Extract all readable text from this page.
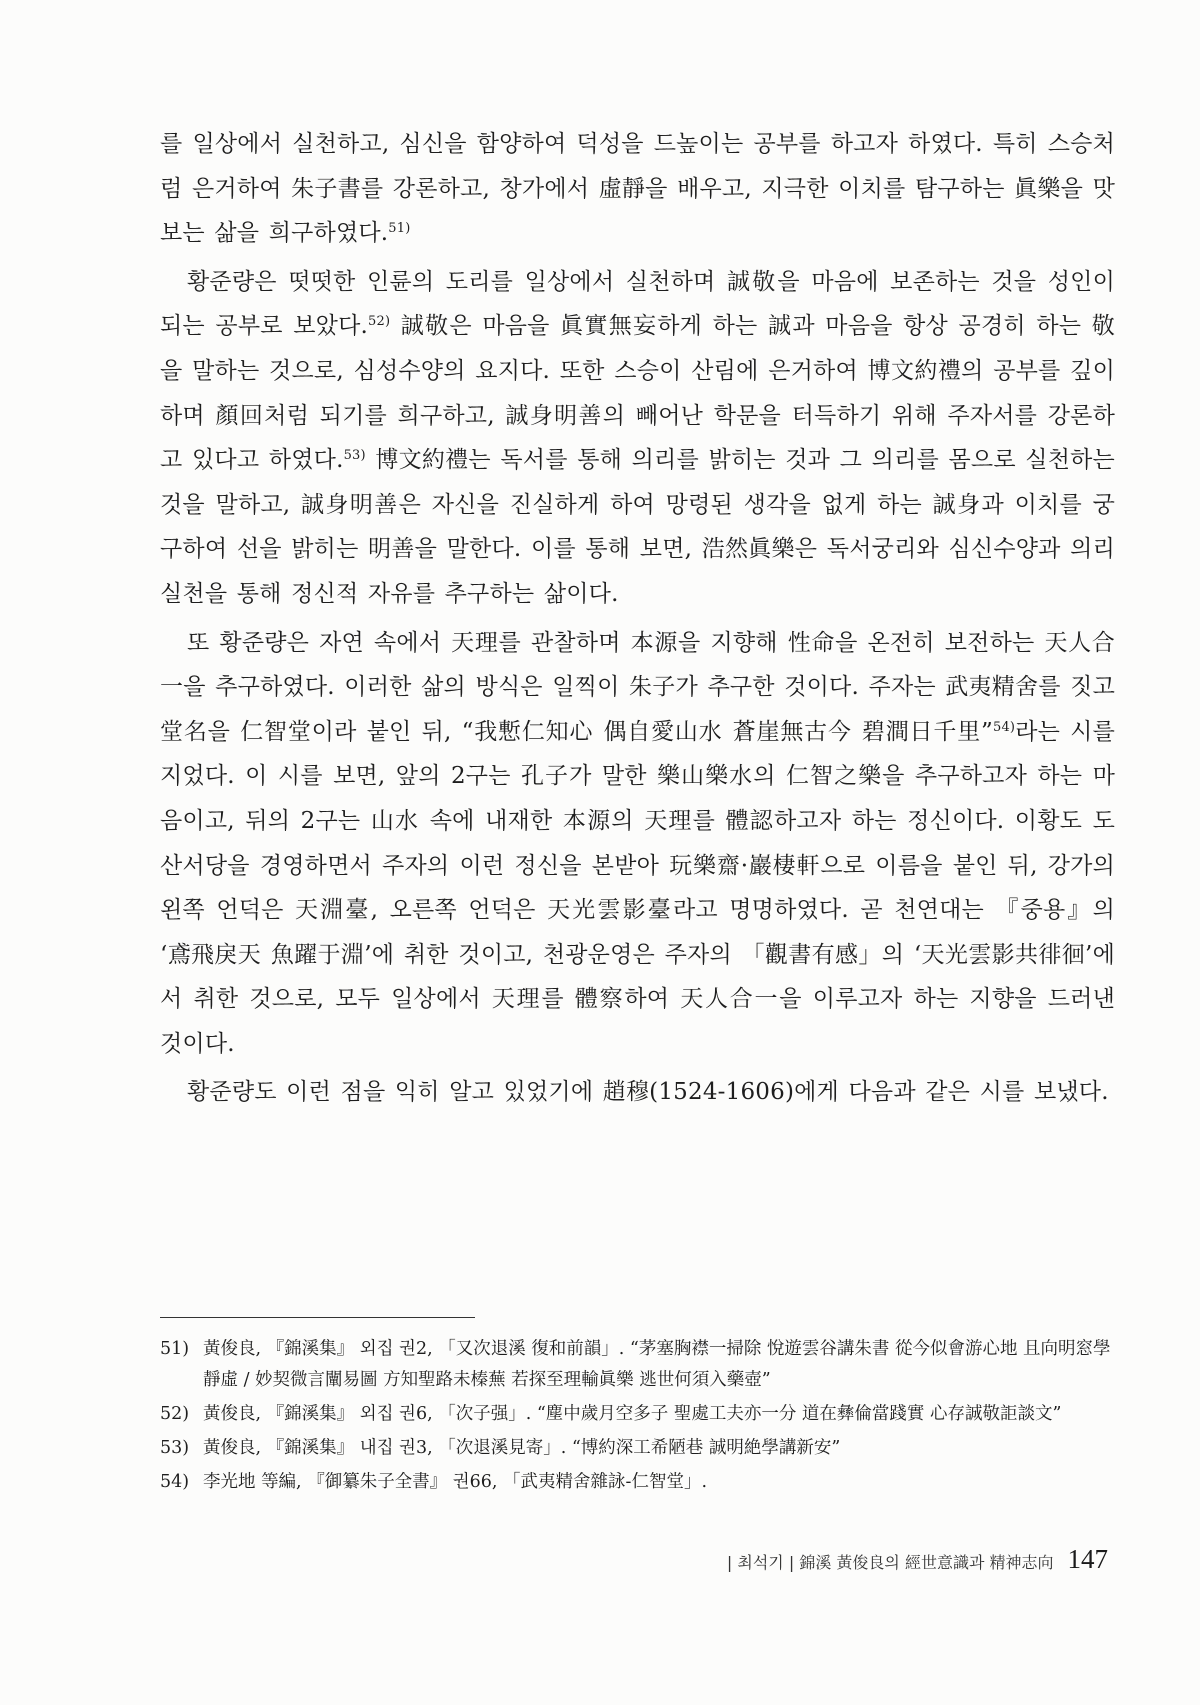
를 일상에서 실천하고, 심신을 함양하여 덕성을 드높이는 공부를 하고자 하였다. 특히 스승처럼 은거하여 朱子書를 강론하고, 창가에서 虛靜을 배우고, 지극한 이치를 탐구하는 眞樂을 맛보는 삶을 희구하였다.$^{51)}$

황준량은 떳떳한 인륜의 도리를 일상에서 실천하며 誠敬을 마음에 보존하는 것을 성인이 되는 공부로 보았다.$^{52)}$ 誠敬은 마음을 眞實無妄하게 하는 誠과 마음을 항상 공경히 하는 敬을 말하는 것으로, 심성수양의 요지다. 또한 스승이 산림에 은거하여 博文約禮의 공부를 깊이 하며 顏回처럼 되기를 희구하고, 誠身明善의 빼어난 학문을 터득하기 위해 주자서를 강론하고 있다고 하였다.$^{53)}$ 博文約禮는 독서를 통해 의리를 밝히는 것과 그 의리를 몸으로 실천하는 것을 말하고, 誠身明善은 자신을 진실하게 하여 망령된 생각을 없게 하는 誠身과 이치를 궁구하여 선을 밝히는 明善을 말한다. 이를 통해 보면, 浩然眞樂은 독서궁리와 심신수양과 의리실천을 통해 정신적 자유를 추구하는 삶이다.

또 황준량은 자연 속에서 天理를 관찰하며 本源을 지향해 性命을 온전히 보전하는 天人合一을 추구하였다. 이러한 삶의 방식은 일찍이 朱子가 추구한 것이다. 주자는 武夷精舍를 짓고 堂名을 仁智堂이라 붙인 뒤, “我慙仁知心 偶自愛山水 蒼崖無古今 碧澗日千里”$^{54)}$라는 시를 지었다. 이 시를 보면, 앞의 2구는 孔子가 말한 樂山樂水의 仁智之樂을 추구하고자 하는 마음이고, 뒤의 2구는 山水 속에 내재한 本源의 天理를 體認하고자 하는 정신이다. 이황도 도산서당을 경영하면서 주자의 이런 정신을 본받아 玩樂齋·巖棲軒으로 이름을 붙인 뒤, 강가의 왼쪽 언덕은 天淵臺, 오른쪽 언덕은 天光雲影臺라고 명명하였다. 곧 천연대는 『중용』의 ‘鳶飛戾天 魚躍于淵’에 취한 것이고, 천광운영은 주자의 「觀書有感」의 ‘天光雲影共徘徊’에서 취한 것으로, 모두 일상에서 天理를 體察하여 天人合一을 이루고자 하는 지향을 드러낸 것이다.

황준량도 이런 점을 익히 알고 있었기에 趙穆(1524-1606)에게 다음과 같은 시를 보냈다.

51) 黃俊良, 『錦溪集』 외집 권2, 「又次退溪 復和前韻」. “茅塞胸襟一掃除 悅遊雲谷講朱書 從今似會游心地 且向明窓學靜虛 / 妙契微言闡易圖 方知聖路未榛蕪 若探至理輸眞樂 逃世何須入藥壺”
52) 黃俊良, 『錦溪集』 외집 권6, 「次子强」. “塵中歲月空多子 聖處工夫亦一分 道在彝倫當踐實 心存誠敬詎談文”
53) 黃俊良, 『錦溪集』 내집 권3, 「次退溪見寄」. “博約深工希陋巷 誠明絶學講新安”
54) 李光地 等編, 『御纂朱子全書』 권66, 「武夷精舍雜詠-仁智堂」.
| 최석기 | 錦溪 黃俊良의 經世意識과 精神志向 147
